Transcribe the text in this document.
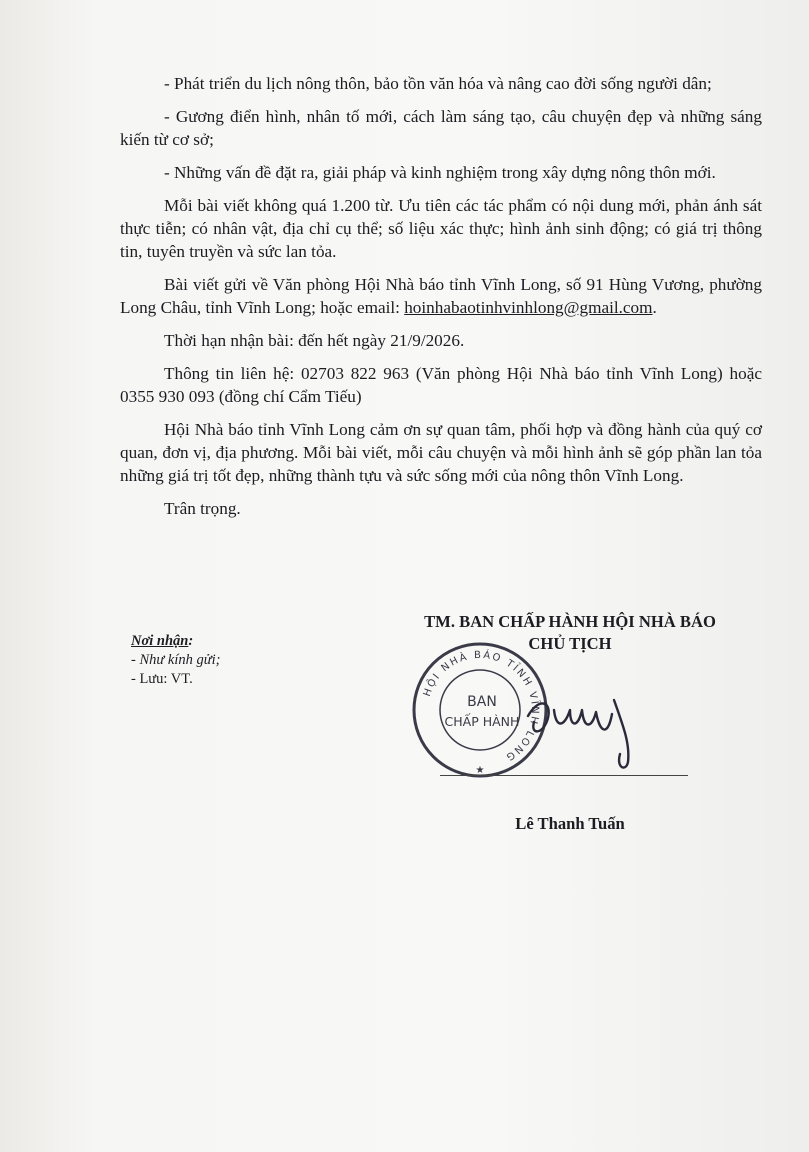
- Phát triển du lịch nông thôn, bảo tồn văn hóa và nâng cao đời sống người dân;

- Gương điển hình, nhân tố mới, cách làm sáng tạo, câu chuyện đẹp và những sáng kiến từ cơ sở;

- Những vấn đề đặt ra, giải pháp và kinh nghiệm trong xây dựng nông thôn mới.

Mỗi bài viết không quá 1.200 từ. Ưu tiên các tác phẩm có nội dung mới, phản ánh sát thực tiễn; có nhân vật, địa chỉ cụ thể; số liệu xác thực; hình ảnh sinh động; có giá trị thông tin, tuyên truyền và sức lan tỏa.

Bài viết gửi về Văn phòng Hội Nhà báo tỉnh Vĩnh Long, số 91 Hùng Vương, phường Long Châu, tỉnh Vĩnh Long; hoặc email: hoinhabaotinhvinhlong@gmail.com.

Thời hạn nhận bài: đến hết ngày 21/9/2026.

Thông tin liên hệ: 02703 822 963 (Văn phòng Hội Nhà báo tỉnh Vĩnh Long) hoặc 0355 930 093 (đồng chí Cẩm Tiếu)

Hội Nhà báo tỉnh Vĩnh Long cảm ơn sự quan tâm, phối hợp và đồng hành của quý cơ quan, đơn vị, địa phương. Mỗi bài viết, mỗi câu chuyện và mỗi hình ảnh sẽ góp phần lan tỏa những giá trị tốt đẹp, những thành tựu và sức sống mới của nông thôn Vĩnh Long.

Trân trọng.

Nơi nhận:
- Như kính gửi;
- Lưu: VT.
TM. BAN CHẤP HÀNH HỘI NHÀ BÁO
CHỦ TỊCH
HỘI NHÀ BÁO TỈNH VĨNH LONG
BAN
CHẤP HÀNH
★
Lê Thanh Tuấn
